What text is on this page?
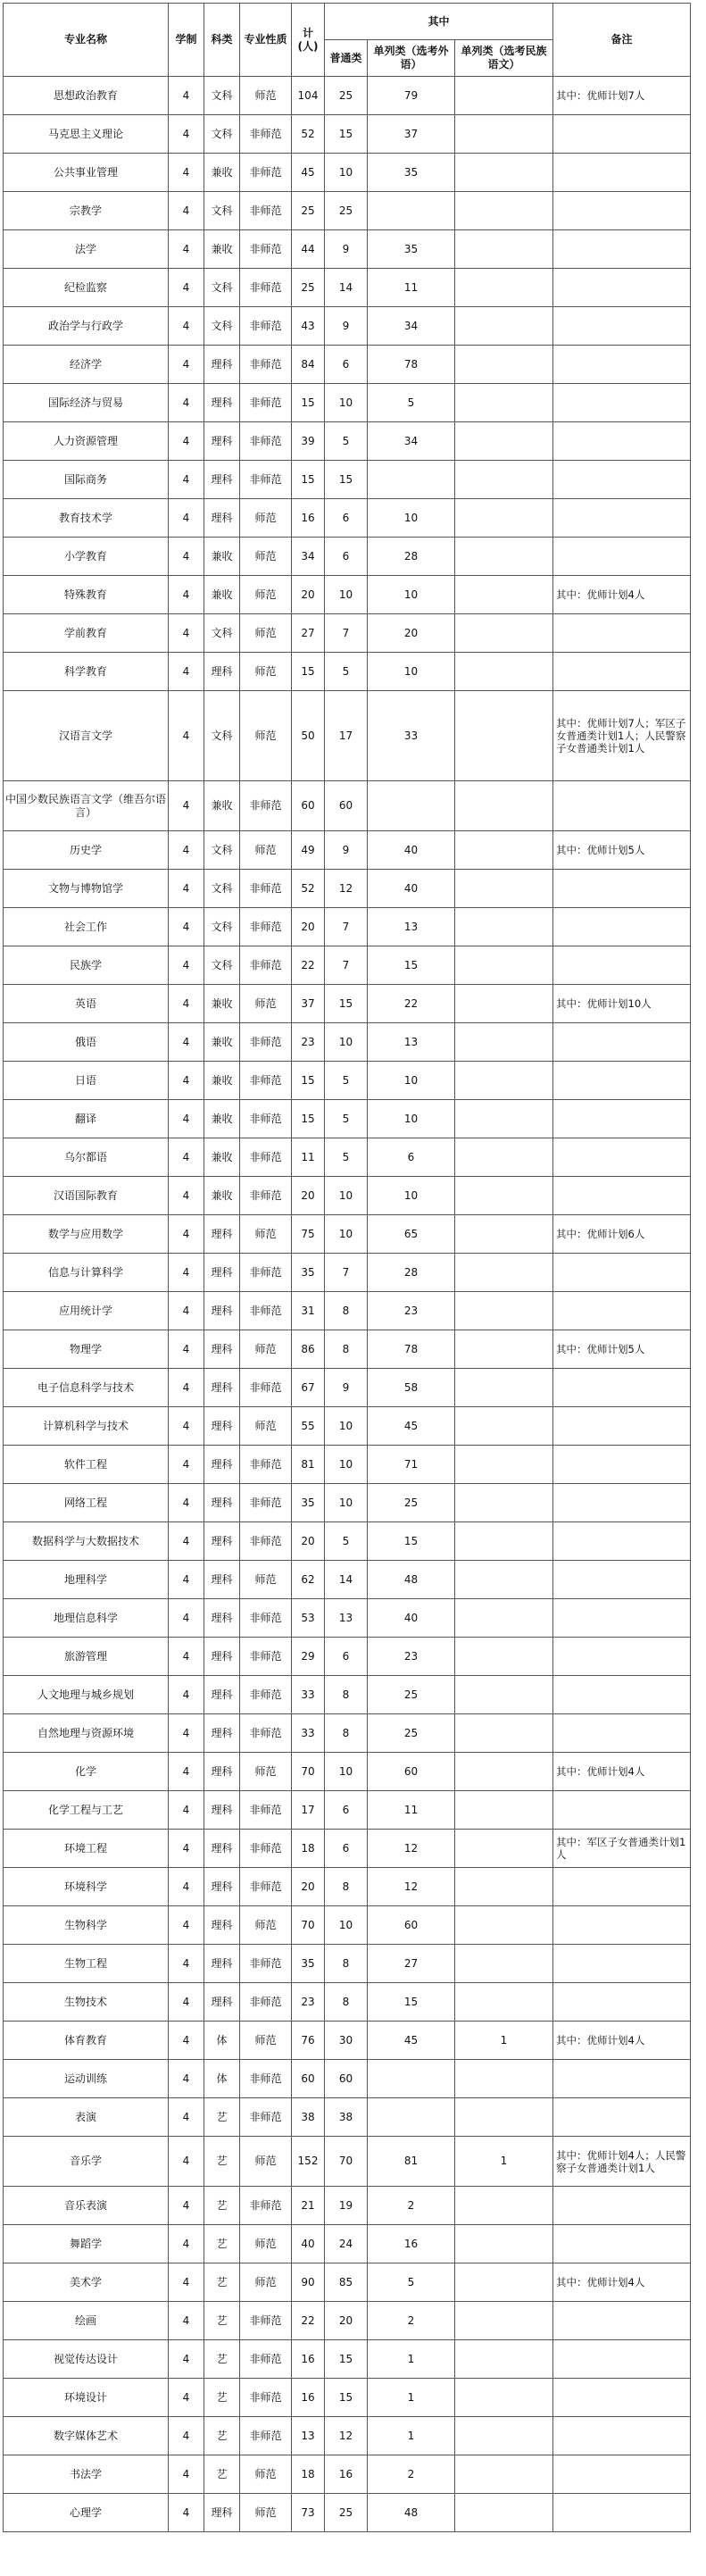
专业名称	学制	科类	专业性质	计(人)	其中			备注
					普通类	单列类（选考外语）	单列类（选考民族语文）	
思想政治教育	4	文科	师范	104	25	79		其中：优师计划7人
马克思主义理论	4	文科	非师范	52	15	37		
公共事业管理	4	兼收	非师范	45	10	35		
宗教学	4	文科	非师范	25	25			
法学	4	兼收	非师范	44	9	35		
纪检监察	4	文科	非师范	25	14	11		
政治学与行政学	4	文科	非师范	43	9	34		
经济学	4	理科	非师范	84	6	78		
国际经济与贸易	4	理科	非师范	15	10	5		
人力资源管理	4	理科	非师范	39	5	34		
国际商务	4	理科	非师范	15	15			
教育技术学	4	理科	师范	16	6	10		
小学教育	4	兼收	师范	34	6	28		
特殊教育	4	兼收	师范	20	10	10		其中：优师计划4人
学前教育	4	文科	师范	27	7	20		
科学教育	4	理科	师范	15	5	10		
汉语言文学	4	文科	师范	50	17	33		其中：优师计划7人；军区子女普通类计划1人；人民警察子女普通类计划1人
中国少数民族语言文学（维吾尔语言）	4	兼收	非师范	60	60			
历史学	4	文科	师范	49	9	40		其中：优师计划5人
文物与博物馆学	4	文科	非师范	52	12	40		
社会工作	4	文科	非师范	20	7	13		
民族学	4	文科	非师范	22	7	15		
英语	4	兼收	师范	37	15	22		其中：优师计划10人
俄语	4	兼收	非师范	23	10	13		
日语	4	兼收	非师范	15	5	10		
翻译	4	兼收	非师范	15	5	10		
乌尔都语	4	兼收	非师范	11	5	6		
汉语国际教育	4	兼收	非师范	20	10	10		
数学与应用数学	4	理科	师范	75	10	65		其中：优师计划6人
信息与计算科学	4	理科	非师范	35	7	28		
应用统计学	4	理科	非师范	31	8	23		
物理学	4	理科	师范	86	8	78		其中：优师计划5人
电子信息科学与技术	4	理科	非师范	67	9	58		
计算机科学与技术	4	理科	师范	55	10	45		
软件工程	4	理科	非师范	81	10	71		
网络工程	4	理科	非师范	35	10	25		
数据科学与大数据技术	4	理科	非师范	20	5	15		
地理科学	4	理科	师范	62	14	48		
地理信息科学	4	理科	非师范	53	13	40		
旅游管理	4	理科	非师范	29	6	23		
人文地理与城乡规划	4	理科	非师范	33	8	25		
自然地理与资源环境	4	理科	非师范	33	8	25		
化学	4	理科	师范	70	10	60		其中：优师计划4人
化学工程与工艺	4	理科	非师范	17	6	11		
环境工程	4	理科	非师范	18	6	12		其中：军区子女普通类计划1人
环境科学	4	理科	非师范	20	8	12		
生物科学	4	理科	师范	70	10	60		
生物工程	4	理科	非师范	35	8	27		
生物技术	4	理科	非师范	23	8	15		
体育教育	4	体	师范	76	30	45	1	其中：优师计划4人
运动训练	4	体	非师范	60	60			
表演	4	艺	非师范	38	38			
音乐学	4	艺	师范	152	70	81	1	其中：优师计划4人；人民警察子女普通类计划1人
音乐表演	4	艺	非师范	21	19	2		
舞蹈学	4	艺	师范	40	24	16		
美术学	4	艺	师范	90	85	5		其中：优师计划4人
绘画	4	艺	非师范	22	20	2		
视觉传达设计	4	艺	非师范	16	15	1		
环境设计	4	艺	非师范	16	15	1		
数字媒体艺术	4	艺	非师范	13	12	1		
书法学	4	艺	师范	18	16	2		
心理学	4	理科	师范	73	25	48		
